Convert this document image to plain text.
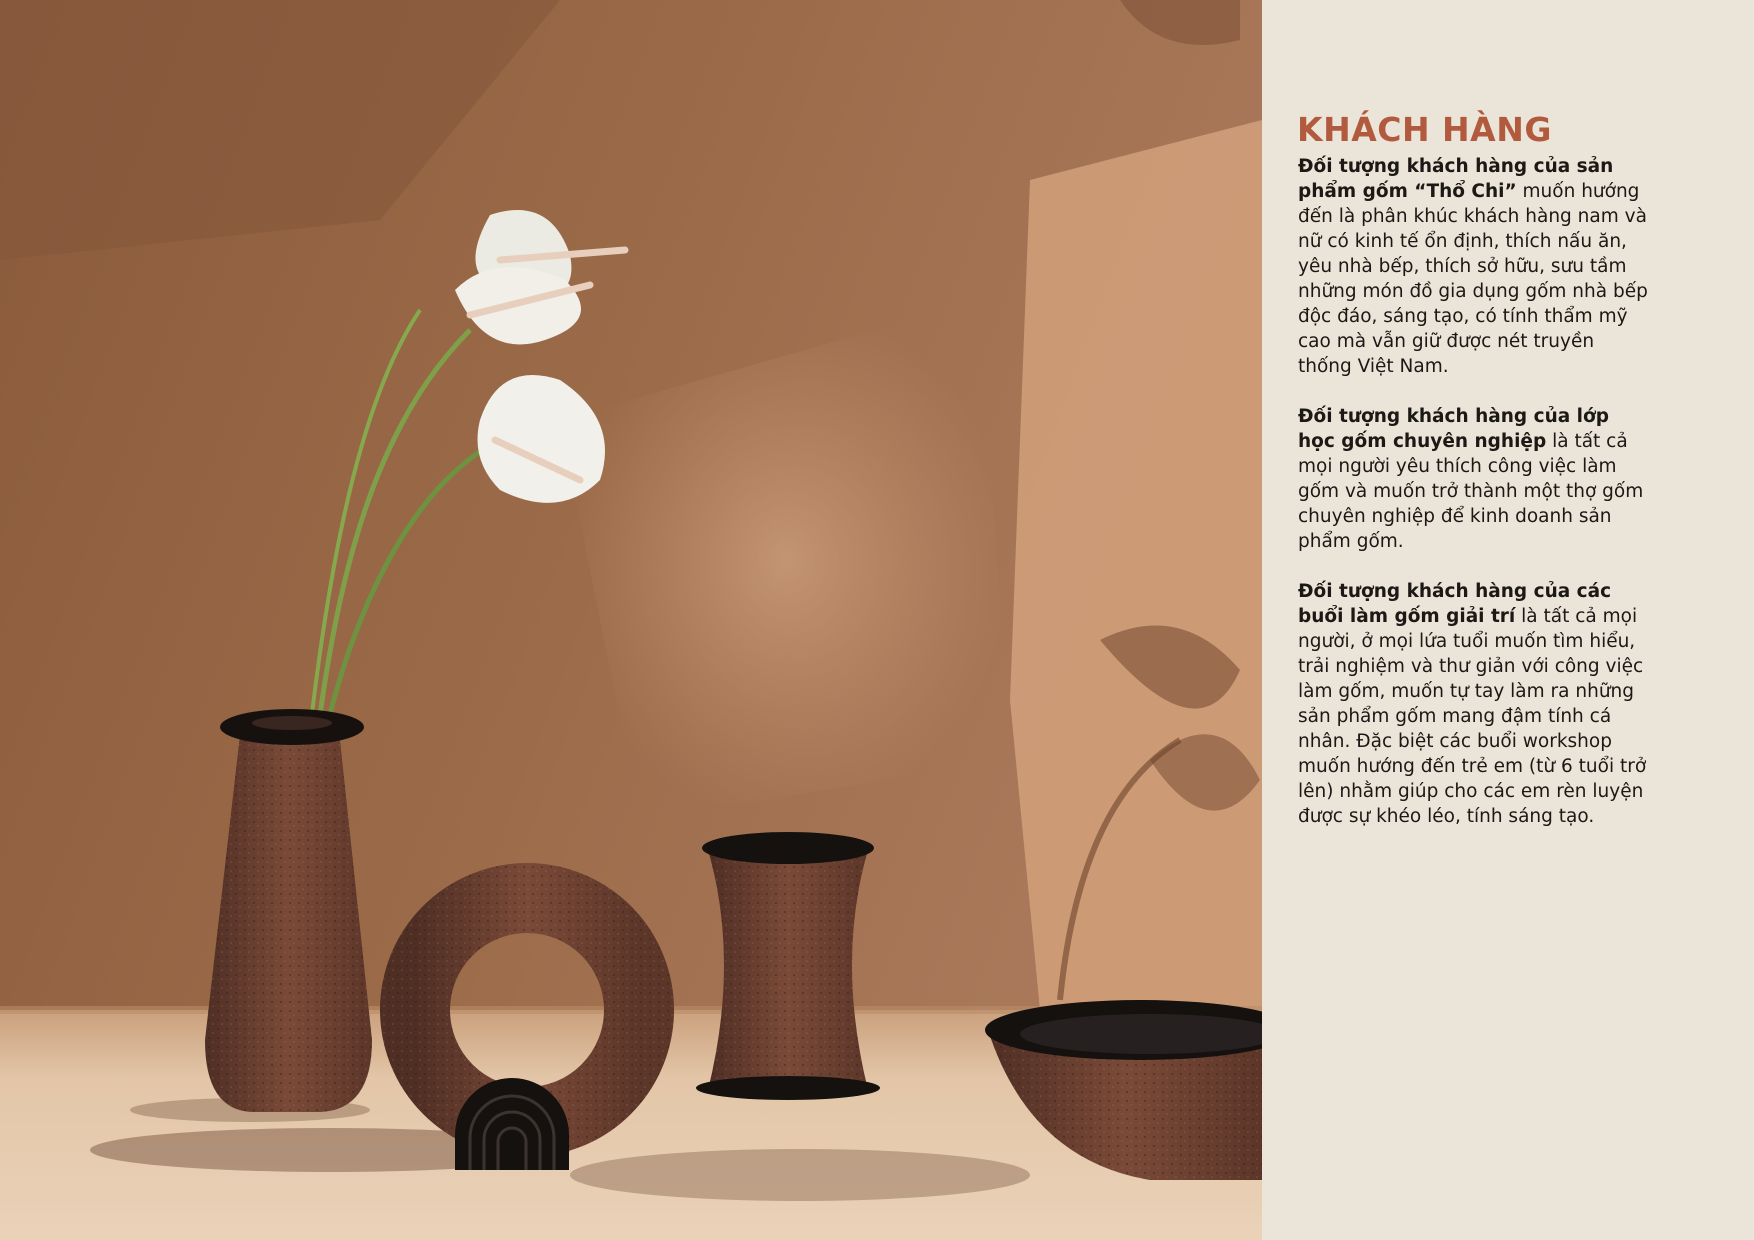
KHÁCH HÀNG

Đối tượng khách hàng của sản phẩm gốm “Thổ Chi” muốn hướng đến là phân khúc khách hàng nam và nữ có kinh tế ổn định, thích nấu ăn, yêu nhà bếp, thích sở hữu, sưu tầm những món đồ gia dụng gốm nhà bếp độc đáo, sáng tạo, có tính thẩm mỹ cao mà vẫn giữ được nét truyền thống Việt Nam.

Đối tượng khách hàng của lớp học gốm chuyên nghiệp là tất cả mọi người yêu thích công việc làm gốm và muốn trở thành một thợ gốm chuyên nghiệp để kinh doanh sản phẩm gốm.

Đối tượng khách hàng của các buổi làm gốm giải trí là tất cả mọi người, ở mọi lứa tuổi muốn tìm hiểu, trải nghiệm và thư giản với công việc làm gốm, muốn tự tay làm ra những sản phẩm gốm mang đậm tính cá nhân. Đặc biệt các buổi workshop muốn hướng đến trẻ em (từ 6 tuổi trở lên) nhằm giúp cho các em rèn luyện được sự khéo léo, tính sáng tạo.
